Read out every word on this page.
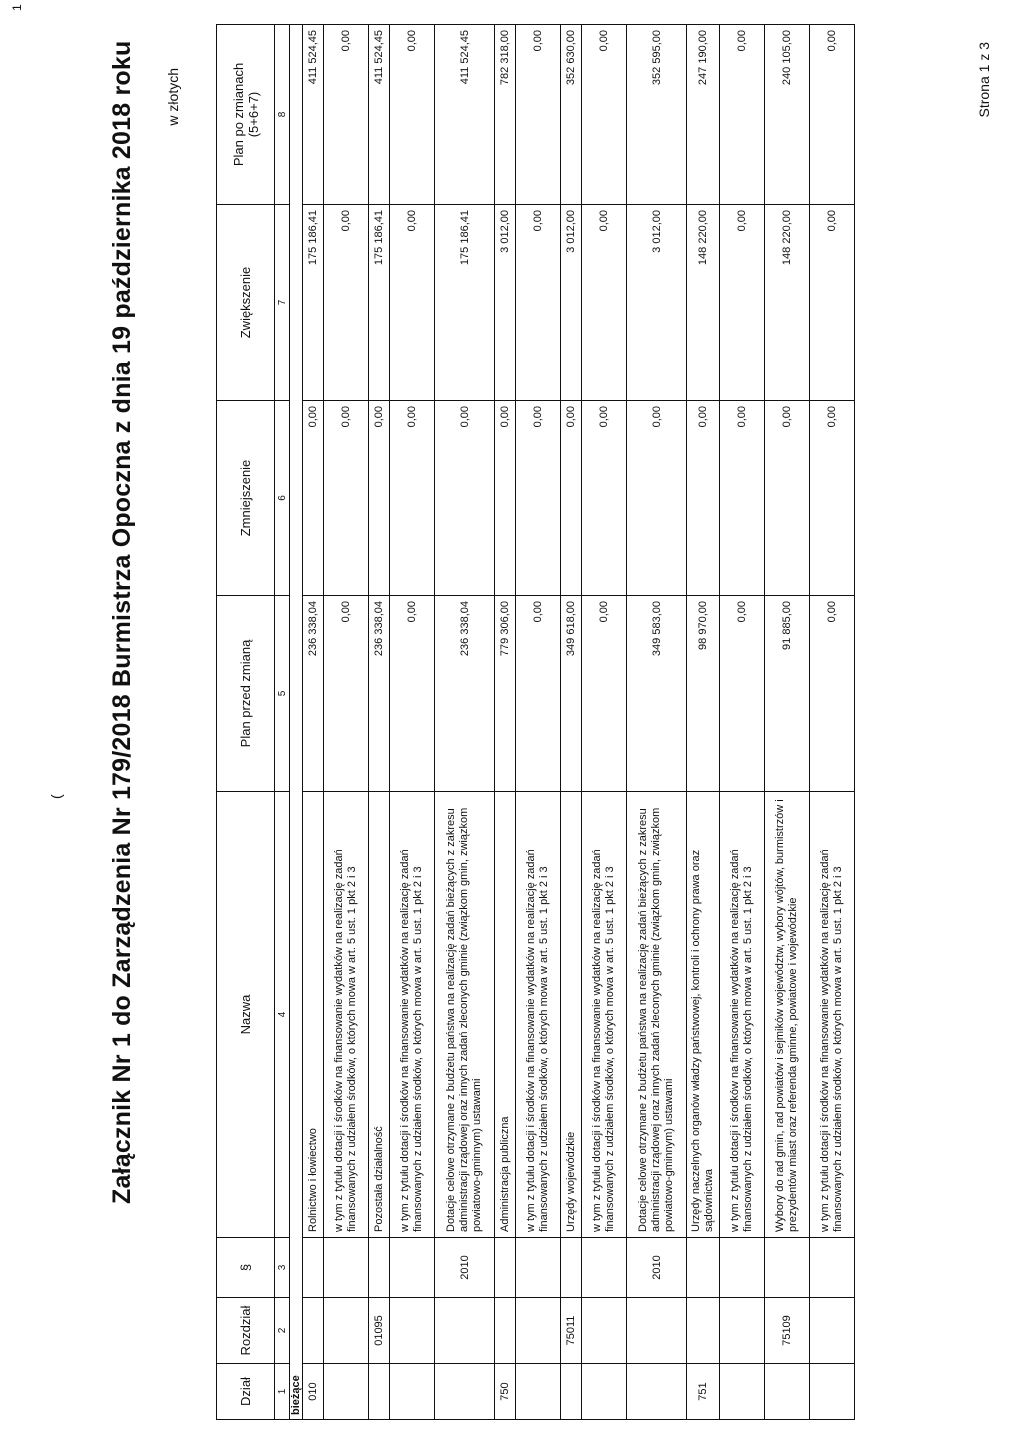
1
( Załącznik Nr 1 do Zarządzenia Nr 179/2018 Burmistrza Opoczna z dnia 19 października 2018 roku w złotych
Dział	Rozdział	§	Nazwa	Plan przed zmianą	Zmniejszenie	Zwiększenie	Plan po zmianach
(5+6+7)
1	2	3	4	5	6	7	8
bieżące							
010			Rolnictwo i łowiectwo	236 338,04	0,00	175 186,41	411 524,45
			w tym z tytułu dotacji i środków na finansowanie wydatków na realizację zadań finansowanych z udziałem środków, o których mowa w art. 5 ust. 1 pkt 2 i 3	0,00	0,00	0,00	0,00
	01095		Pozostała działalność	236 338,04	0,00	175 186,41	411 524,45
			w tym z tytułu dotacji i środków na finansowanie wydatków na realizację zadań finansowanych z udziałem środków, o których mowa w art. 5 ust. 1 pkt 2 i 3	0,00	0,00	0,00	0,00
		2010	Dotacje celowe otrzymane z budżetu państwa na realizację zadań bieżących z zakresu administracji rządowej oraz innych zadań zleconych gminie (związkom gmin, związkom powiatowo-gminnym) ustawami	236 338,04	0,00	175 186,41	411 524,45
750			Administracja publiczna	779 306,00	0,00	3 012,00	782 318,00
			w tym z tytułu dotacji i środków na finansowanie wydatków na realizację zadań finansowanych z udziałem środków, o których mowa w art. 5 ust. 1 pkt 2 i 3	0,00	0,00	0,00	0,00
	75011		Urzędy wojewódzkie	349 618,00	0,00	3 012,00	352 630,00
			w tym z tytułu dotacji i środków na finansowanie wydatków na realizację zadań finansowanych z udziałem środków, o których mowa w art. 5 ust. 1 pkt 2 i 3	0,00	0,00	0,00	0,00
		2010	Dotacje celowe otrzymane z budżetu państwa na realizację zadań bieżących z zakresu administracji rządowej oraz innych zadań zleconych gminie (związkom gmin, związkom powiatowo-gminnym) ustawami	349 583,00	0,00	3 012,00	352 595,00
751			Urzędy naczelnych organów władzy państwowej, kontroli i ochrony prawa oraz sądownictwa	98 970,00	0,00	148 220,00	247 190,00
			w tym z tytułu dotacji i środków na finansowanie wydatków na realizację zadań finansowanych z udziałem środków, o których mowa w art. 5 ust. 1 pkt 2 i 3	0,00	0,00	0,00	0,00
	75109		Wybory do rad gmin, rad powiatów i sejmików województw, wybory wójtów, burmistrzów i prezydentów miast oraz referenda gminne, powiatowe i wojewódzkie	91 885,00	0,00	148 220,00	240 105,00
			w tym z tytułu dotacji i środków na finansowanie wydatków na realizację zadań finansowanych z udziałem środków, o których mowa w art. 5 ust. 1 pkt 2 i 3	0,00	0,00	0,00	0,00
Strona 1 z 3
